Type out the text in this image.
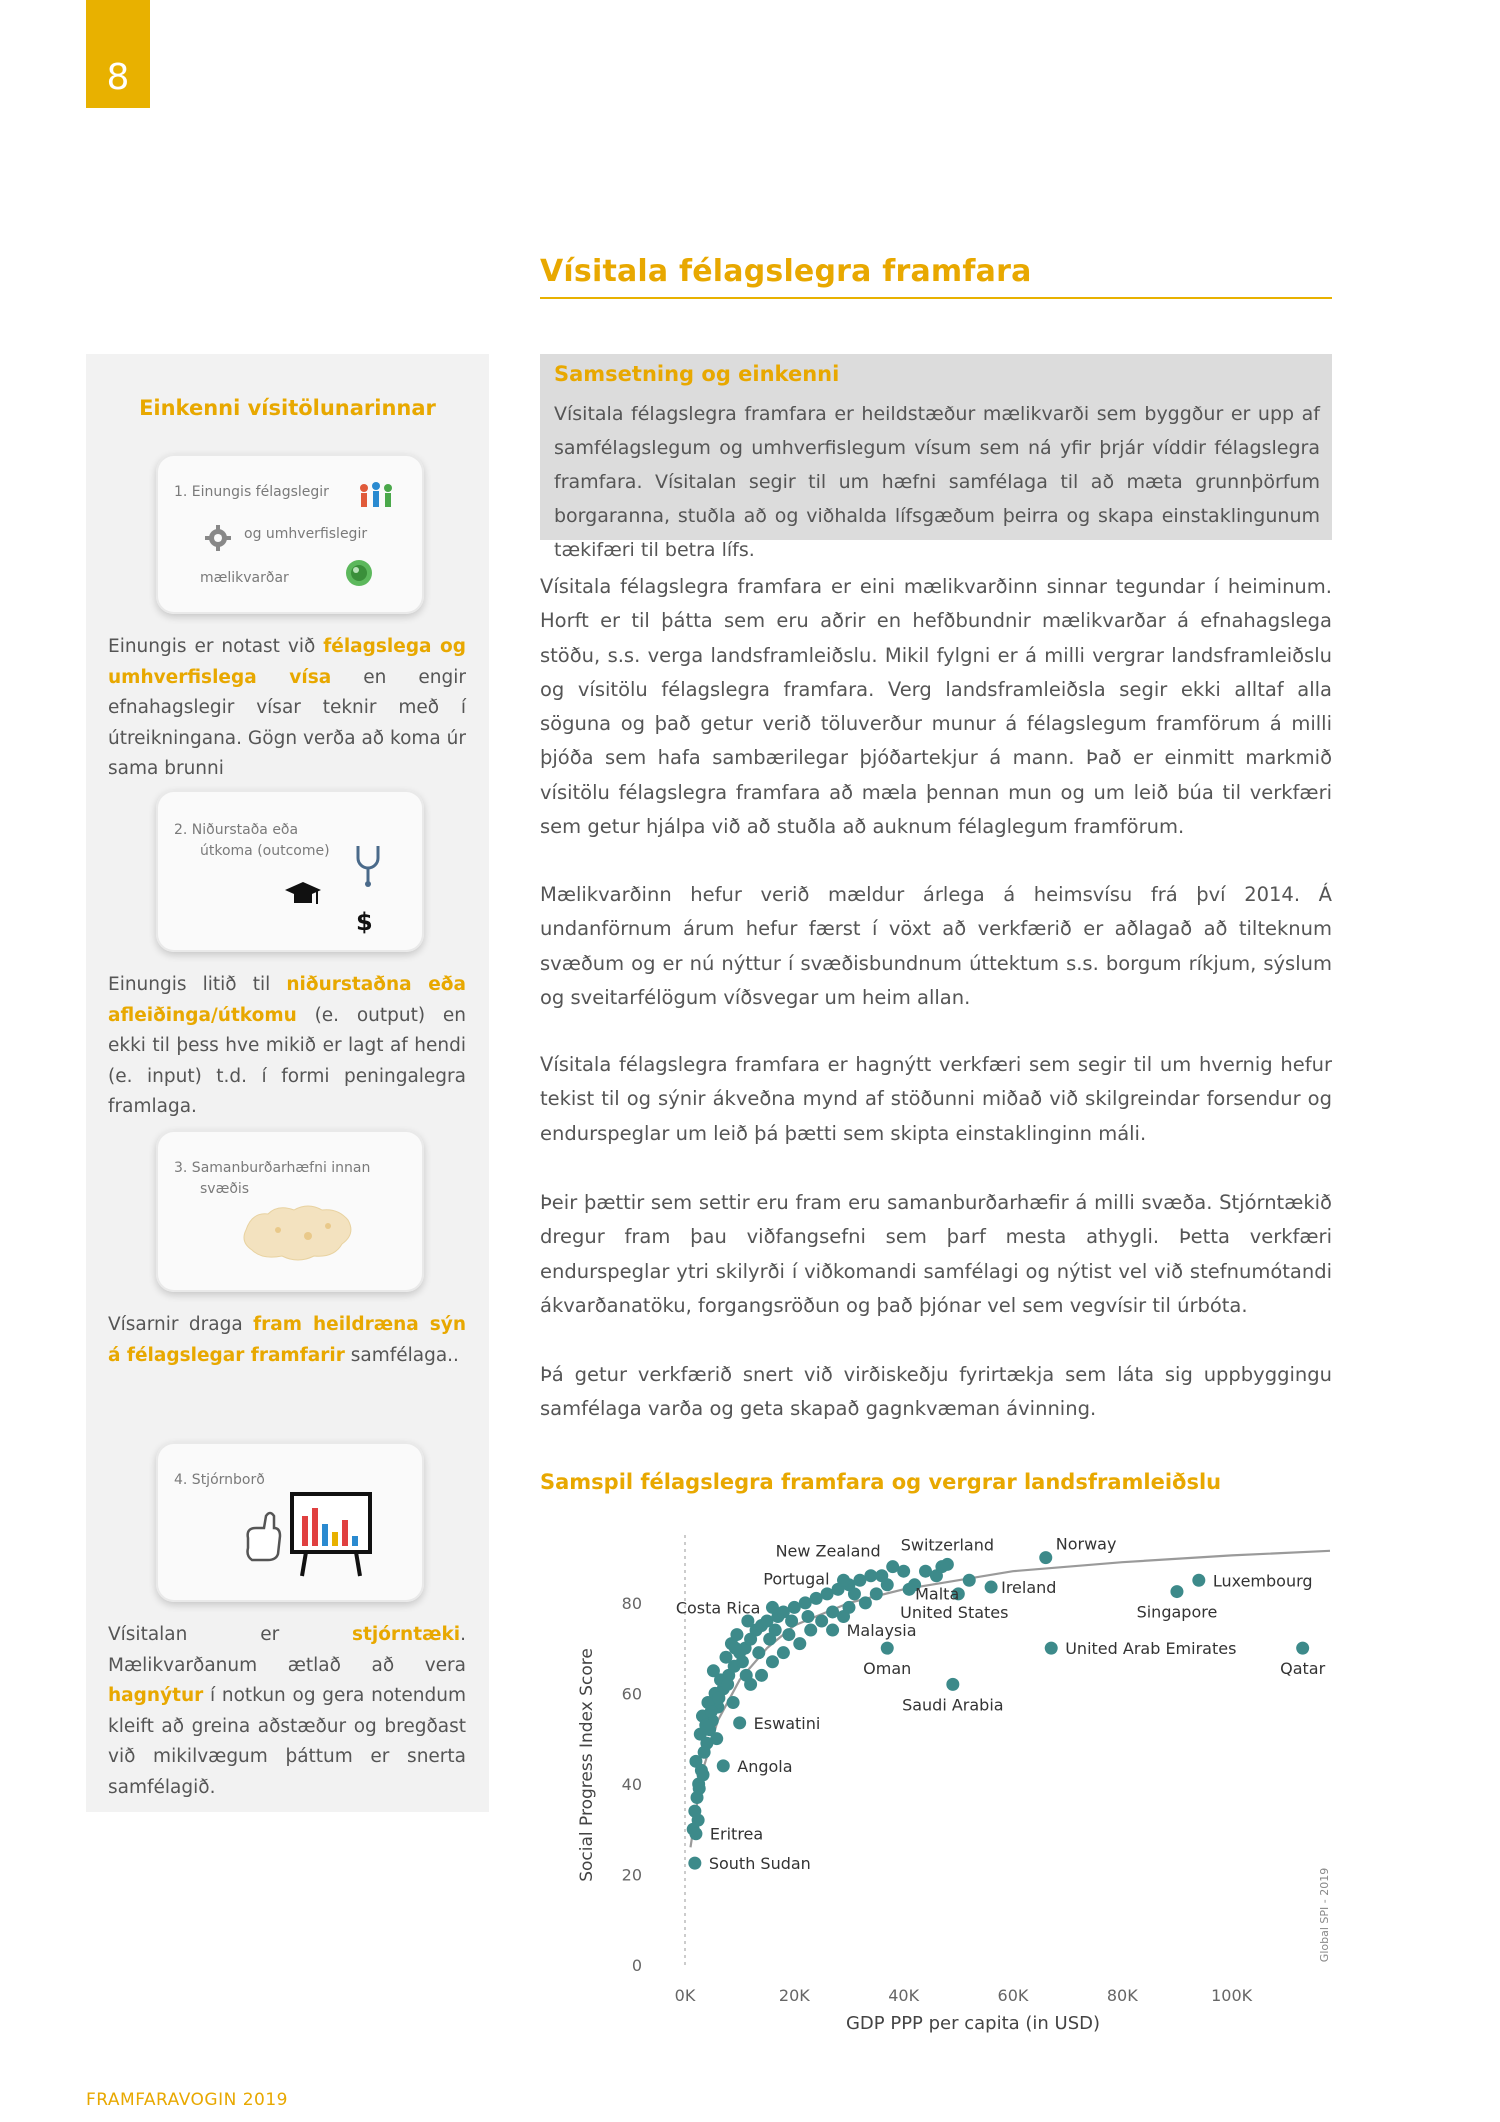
8
Vísitala félagslegra framfara
Einkenni vísitölunarinnar
1. Einungis félagslegir
og umhverfislegir
mælikvarðar
Einungis er notast við félagslega og umhverfislega vísa en engir efnahagslegir vísar teknir með í útreikningana. Gögn verða að koma úr sama brunni
2. Niðurstaða eða
útkoma (outcome)
$
Einungis litið til niðurstaðna eða afleiðinga/útkomu (e. output) en ekki til þess hve mikið er lagt af hendi (e. input) t.d. í formi peningalegra framlaga.
3. Samanburðarhæfni innan
svæðis
Vísarnir draga fram heildræna sýn á félagslegar framfarir samfélaga..
4. Stjórnborð
Vísitalan er stjórntæki. Mælikvarðanum ætlað að vera hagnýtur í notkun og gera notendum kleift að greina aðstæður og bregðast við mikilvægum þáttum er snerta samfélagið.
Samsetning og einkenni
Vísitala félagslegra framfara er heildstæður mælikvarði sem byggður er upp af samfélagslegum og umhverfislegum vísum sem ná yfir þrjár víddir félagslegra framfara. Vísitalan segir til um hæfni samfélaga til að mæta grunnþörfum borgaranna, stuðla að og viðhalda lífsgæðum þeirra og skapa einstaklingunum tækifæri til betra lífs.
Vísitala félagslegra framfara er eini mælikvarðinn sinnar tegundar í heiminum. Horft er til þátta sem eru aðrir en hefðbundnir mælikvarðar á efnahagslega stöðu, s.s. verga landsframleiðslu. Mikil fylgni er á milli vergrar landsframleiðslu og vísitölu félagslegra framfara. Verg landsframleiðsla segir ekki alltaf alla söguna og það getur verið töluverður munur á félagslegum framförum á milli þjóða sem hafa sambærilegar þjóðartekjur á mann. Það er einmitt markmið vísitölu félagslegra framfara að mæla þennan mun og um leið búa til verkfæri sem getur hjálpa við að stuðla að auknum félaglegum framförum.
Mælikvarðinn hefur verið mældur árlega á heimsvísu frá því 2014. Á undanförnum árum hefur færst í vöxt að verkfærið er aðlagað að tilteknum svæðum og er nú nýttur í svæðisbundnum úttektum s.s. borgum ríkjum, sýslum og sveitarfélögum víðsvegar um heim allan.
Vísitala félagslegra framfara er hagnýtt verkfæri sem segir til um hvernig hefur tekist til og sýnir ákveðna mynd af stöðunni miðað við skilgreindar forsendur og endurspeglar um leið þá þætti sem skipta einstaklinginn máli.
Þeir þættir sem settir eru fram eru samanburðarhæfir á milli svæða. Stjórntækið dregur fram þau viðfangsefni sem þarf mesta athygli. Þetta verkfæri endurspeglar ytri skilyrði í viðkomandi samfélagi og nýtist vel við stefnumótandi ákvarðanatöku, forgangsröðun og það þjónar vel sem vegvísir til úrbóta.
Þá getur verkfærið snert við virðiskeðju fyrirtækja sem láta sig uppbyggingu samfélaga varða og geta skapað gagnkvæman ávinning.
Samspil félagslegra framfara og vergrar landsframleiðslu
0
20
40
60
80
0K	20K	40K	60K	80K	100K
New Zealand Switzerland	Norway
Portugal
Malta	Ireland	Luxembourg
Costa Rica	United States	Singapore
Malaysia
Oman
United Arab Emirates
Qatar
Saudi Arabia
Eswatini
Angola
Eritrea
South Sudan
Social Progress Index Score
GDP PPP per capita (in USD)
Global SPI - 2019
FRAMFARAVOGIN 2019
